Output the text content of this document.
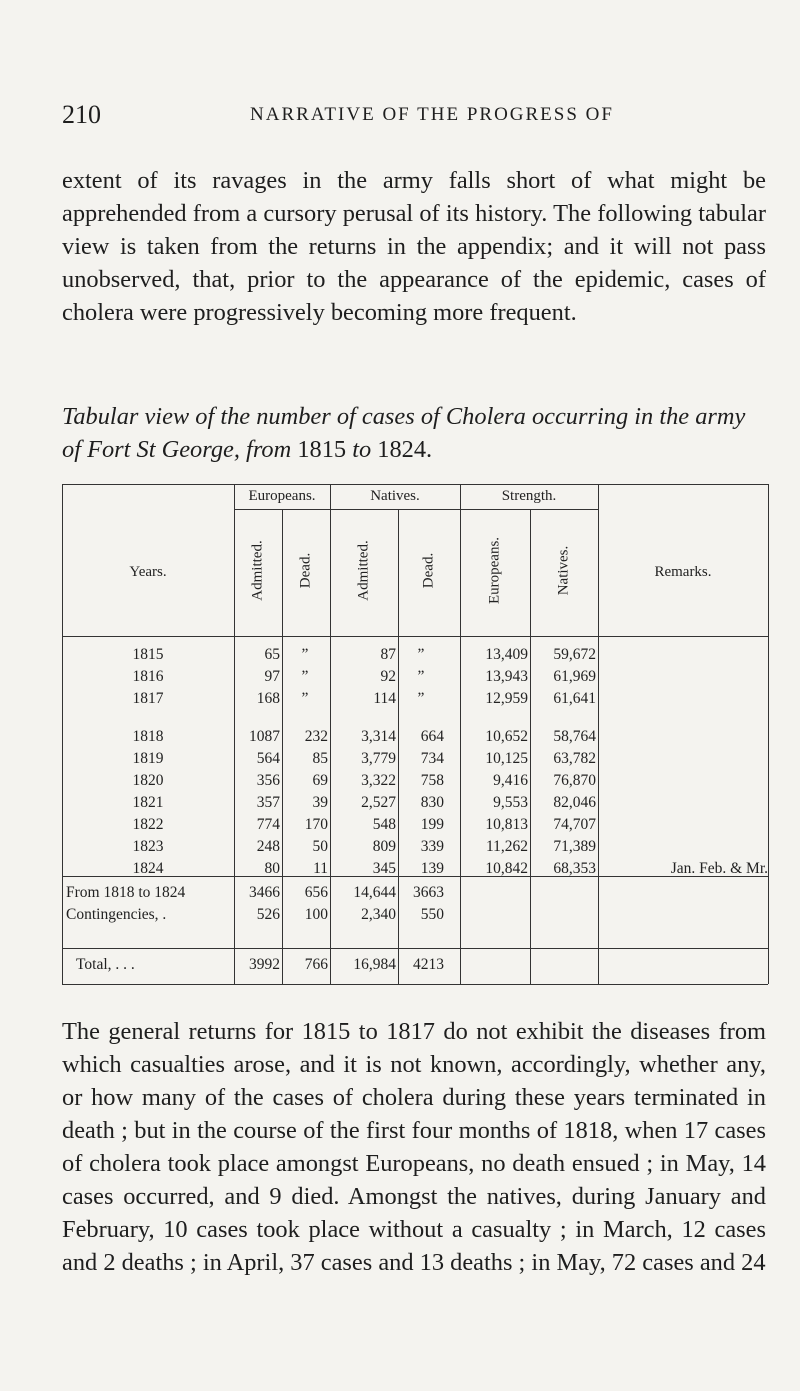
210	NARRATIVE OF THE PROGRESS OF

extent of its ravages in the army falls short of what might be apprehended from a cursory perusal of its history. The following tabular view is taken from the returns in the appendix; and it will not pass unobserved, that, prior to the appearance of the epidemic, cases of cholera were progressively becoming more frequent.

Tabular view of the number of cases of Cholera occurring in the army of Fort St George, from 1815 to 1824.

Europeans.	Natives.	Strength.
Years.	Remarks.
Admitted. Dead.	Admitted.	Dead.	Europeans.	Natives.
1815	65	”	87	”	13,409	59,672
1816	97	”	92	”	13,943	61,969
1817	168	”	114	”	12,959	61,641
1818	1087	232	3,314	664	10,652	58,764
1819	564	85	3,779	734	10,125	63,782
1820	356	69	3,322	758	9,416	76,870
1821	357	39	2,527	830	9,553	82,046
1822	774	170	548	199	10,813	74,707
1823	248	50	809	339	11,262	71,389
1824	80	11	345	139	10,842	68,353	Jan. Feb. & Mr.
From 1818 to 1824	3466	656	14,644	3663
Contingencies, .	526	100	2,340	550
Total, . . .	3992	766	16,984	4213

The general returns for 1815 to 1817 do not exhibit the diseases from which casualties arose, and it is not known, accordingly, whether any, or how many of the cases of cholera during these years terminated in death ; but in the course of the first four months of 1818, when 17 cases of cholera took place amongst Europeans, no death ensued ; in May, 14 cases occurred, and 9 died. Amongst the natives, during January and February, 10 cases took place without a casualty ; in March, 12 cases and 2 deaths ; in April, 37 cases and 13 deaths ; in May, 72 cases and 24
